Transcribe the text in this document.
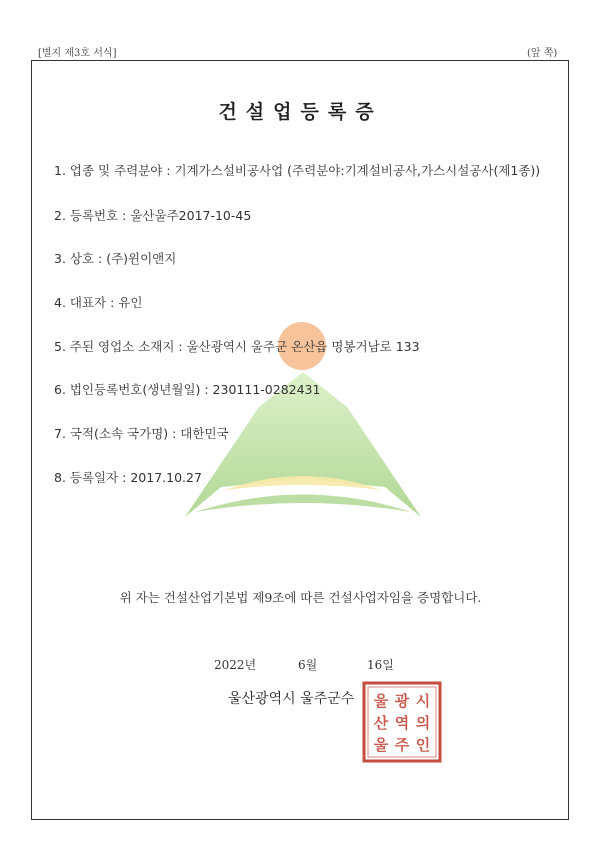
[별지 제3호 서식]	(앞 쪽)
건설업등록증
1. 업종 및 주력분야 : 기계가스설비공사업 (주력분야:기계설비공사,가스시설공사(제1종))
2. 등록번호 : 울산울주2017-10-45
3. 상호 : (주)윈이앤지
4. 대표자 : 유인
5. 주된 영업소 소재지 : 울산광역시 울주군 온산읍 명봉거남로 133
6. 법인등록번호(생년월일) : 230111-0282431
7. 국적(소속 국가명) : 대한민국
8. 등록일자 : 2017.10.27
위 자는 건설산업기본법 제9조에 따른 건설사업자임을 증명합니다.
2022년	6월	16일
울산광역시 울주군수 울 광 시
산 역 의
울 주 인
